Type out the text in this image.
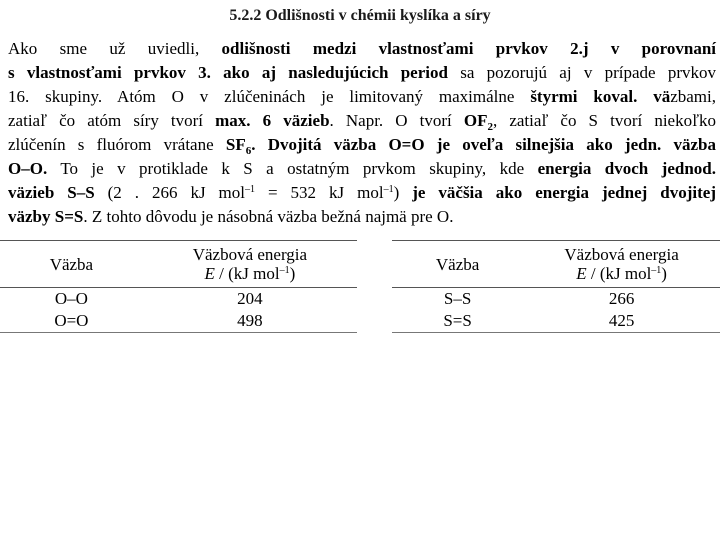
5.2.2 Odlišnosti v chémii kyslíka a síry
Ako sme už uviedli, odlišnosti medzi vlastnosťami prvkov 2.j v porovnaní
s vlastnosťami prvkov 3. ako aj nasledujúcich period sa pozorujú aj v prípade prvkov
16. skupiny. Atóm O v zlúčeninách je limitovaný maximálne štyrmi koval. väzbami,
zatiaľ čo atóm síry tvorí max. 6 väzieb. Napr. O tvorí $OF_2$, zatiaľ čo S tvorí niekoľko
zlúčenín s fluórom vrátane $SF_6$. Dvojitá väzba O=O je oveľa silnejšia ako jedn. väzba
O–O. To je v protiklade k S a ostatným prvkom skupiny, kde energia dvoch jednod.
väzieb S–S (2 . 266 kJ mol$^{-1}$ = 532 kJ mol$^{-1}$) je väčšia ako energia jednej dvojitej
väzby S=S. Z tohto dôvodu je násobná väzba bežná najmä pre O.
Väzba	Väzbová energia
E / (kJ mol$^{-1}$)
O–O	204
O=O	498
Väzba	Väzbová energia
E / (kJ mol$^{-1}$)
S–S	266
S=S	425
